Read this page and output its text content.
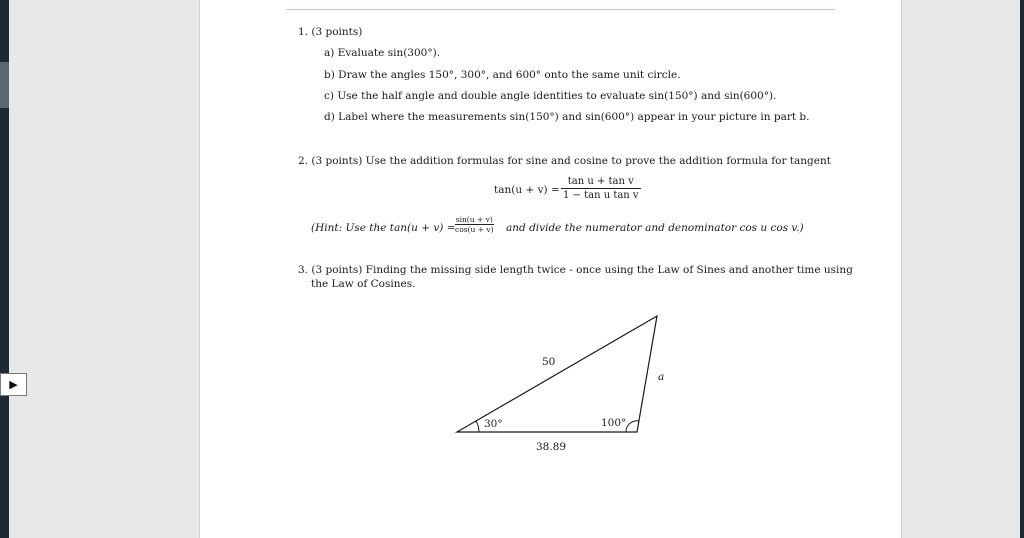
▶
1. (3 points)
a) Evaluate sin(300°).
b) Draw the angles 150°, 300°, and 600° onto the same unit circle.
c) Use the half angle and double angle identities to evaluate sin(150°) and sin(600°).
d) Label where the measurements sin(150°) and sin(600°) appear in your picture in part b.
2. (3 points) Use the addition formulas for sine and cosine to prove the addition formula for tangent
tan(u + v) =
tan u + tan v
1 − tan u tan v
(Hint: Use the tan(u + v) =
sin(u + v)
cos(u + v) and divide the numerator and denominator cos u cos v.)
3. (3 points) Finding the missing side length twice - once using the Law of Sines and another time using
the Law of Cosines.
50
a
30°	100°
38.89
